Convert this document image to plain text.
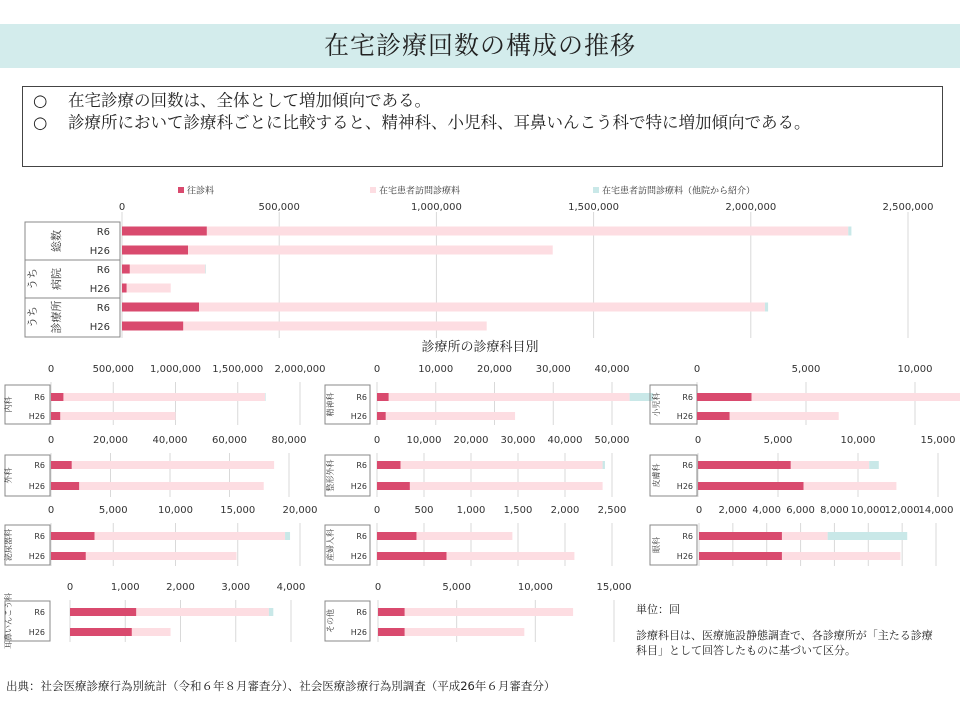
在宅診療回数の構成の推移
○ 在宅診療の回数は、全体として増加傾向である。
○ 診療所において診療科ごとに比較すると、精神科、小児科、耳鼻いんこう科で特に増加傾向である。
往診料	在宅患者訪問診療料	在宅患者訪問診療料（他院から紹介）
0	500,000	1,000,000	1,500,000	2,000,000	2,500,000
R6
H26
R6
H26
R6
H26
総数
うち 病院
うち 診療所
診療所の診療科目別
0	500,000 1,000,000 1,500,000 2,000,000
R6
H26
内科
0	10,000 20,000 30,000 40,000
R6
H26
精神科
0	5,000	10,000
R6
H26
小児科
0	20,000 40,000 60,000 80,000
R6
H26
外科
0	10,000 20,000 30,000 40,000 50,000
R6
H26
整形外科
0	5,000	10,000	15,000
R6
H26
皮膚科
0	5,000	10,000	15,000	20,000
R6
H26
泌尿器科
0	500 1,000 1,500 2,000 2,500
R6
H26
産婦人科
0 2,000 4,000 6,000 8,000 10,000
12,000
14,000
R6
H26
眼科
0	1,000	2,000	3,000	4,000
R6
H26
耳鼻いんこう科
0	5,000	10,000	15,000
R6
H26
その他	単位：回
診療科目は、医療施設静態調査で、各診療所が「主たる診療科目」として回答したものに基づいて区分。
出典：社会医療診療行為別統計（令和６年８月審査分）、社会医療診療行為別調査（平成26年６月審査分）
